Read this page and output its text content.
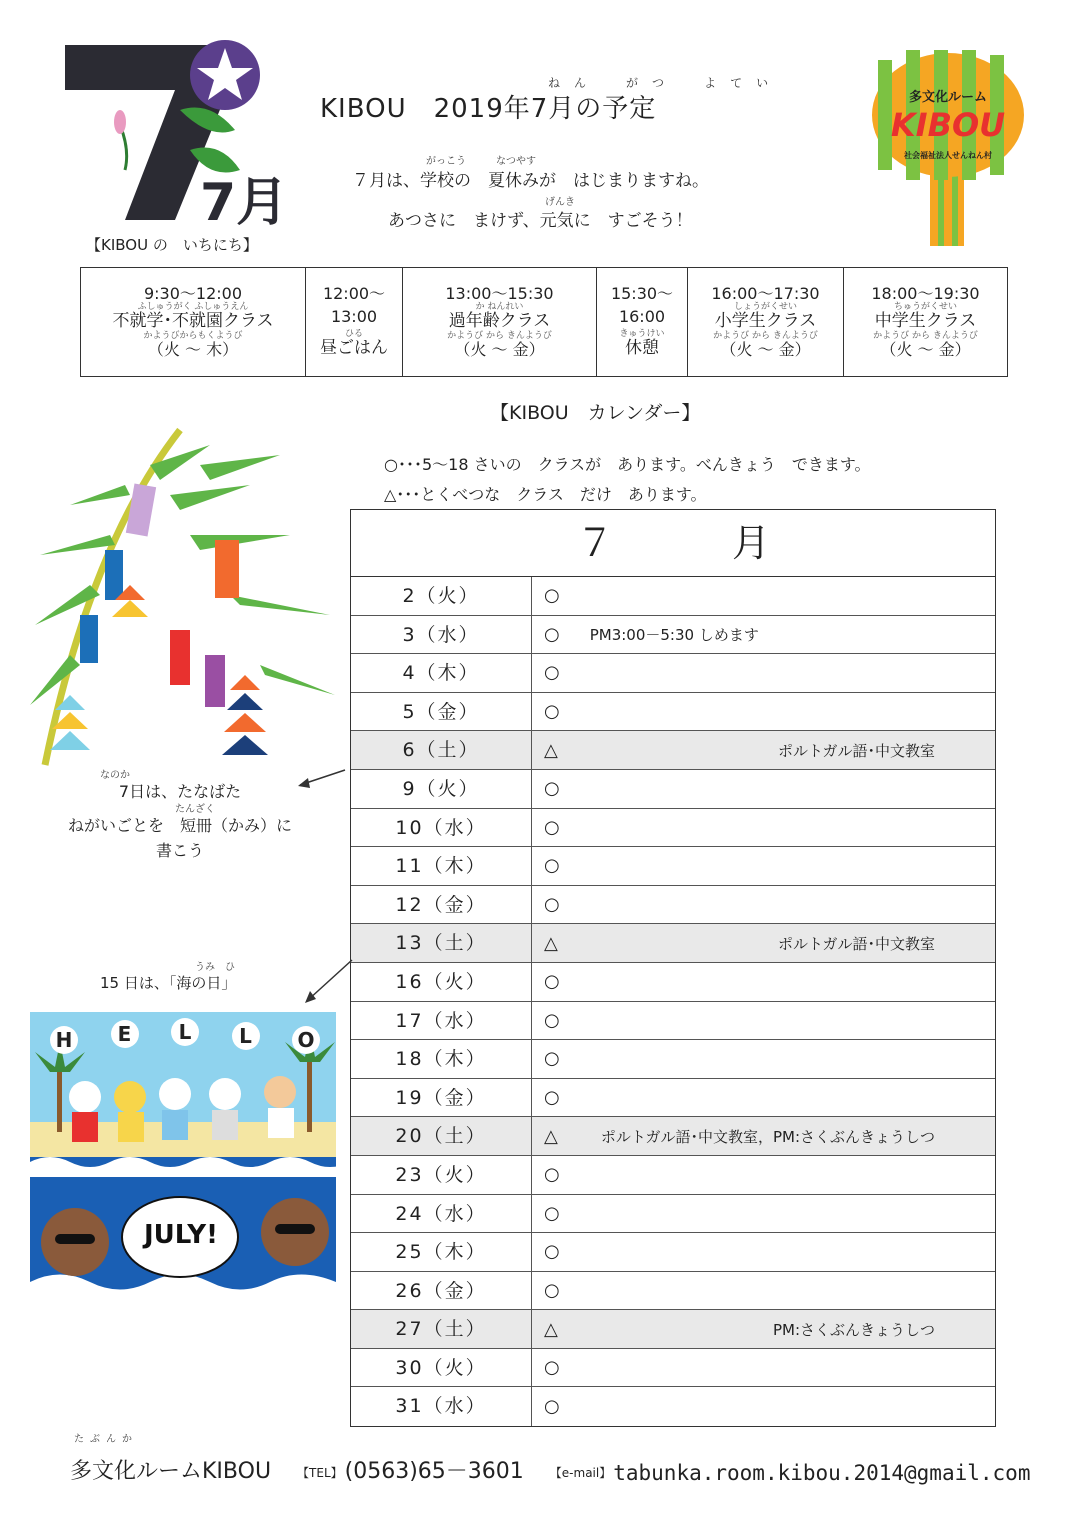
7月
ねん　 がつ　 よてい
KIBOU　2019年7月の予定
がっこう　　　	なつやす
７月は、学校の　夏休みが　はじまりますね。
げんき
あつさに　まけず、元気に　すごそう！
多文化ルーム
KIBOU
社会福祉法人せんねん村
【KIBOU の　いちにち】
9:30〜12:00
ふしゅうがく ふしゅうえん
不就学･不就園クラス
かようびからもくようび
（火 〜 木）
12:00〜
13:00
ひる
昼ごはん
13:00〜15:30
か ねんれい
過年齢クラス
かようび から きんようび
（火 〜 金）
15:30〜
16:00
きゅうけい
休憩
16:00〜17:30
しょうがくせい
小学生クラス
かようび から きんようび
（火 〜 金）
18:00〜19:30
ちゅうがくせい
中学生クラス
かようび から きんようび
（火 〜 金）
【KIBOU　カレンダー】
○･･･5〜18 さいの　クラスが　あります。べんきょう　できます。
△･･･とくべつな　クラス　だけ　あります。
７　月
2（火）	○
3（水）	○ PM3:00－5:30 しめます
4（木）	○
5（金）	○
6（土）	△	ポルトガル語･中文教室
9（火）	○
10（水）	○
11（木）	○
12（金）	○
13（土）	△	ポルトガル語･中文教室
16（火）	○
17（水）	○
18（木）	○
19（金）	○
20（土）	△	ポルトガル語･中文教室，PM:さくぶんきょうしつ
23（火）	○
24（水）	○
25（木）	○
26（金）	○
27（土）	△	PM:さくぶんきょうしつ
30（火）	○
31（水）	○
なのか
7日は、たなばた
たんざく
ねがいごとを　短冊（かみ）に
書こう
うみ　ひ
15 日は、「海の日」
H	E	L	L	O
JULY!
たぶんか
多文化ルームKIBOU 【TEL】 (0563)65－3601 【e-mail】 tabunka.room.kibou.2014@gmail.com
